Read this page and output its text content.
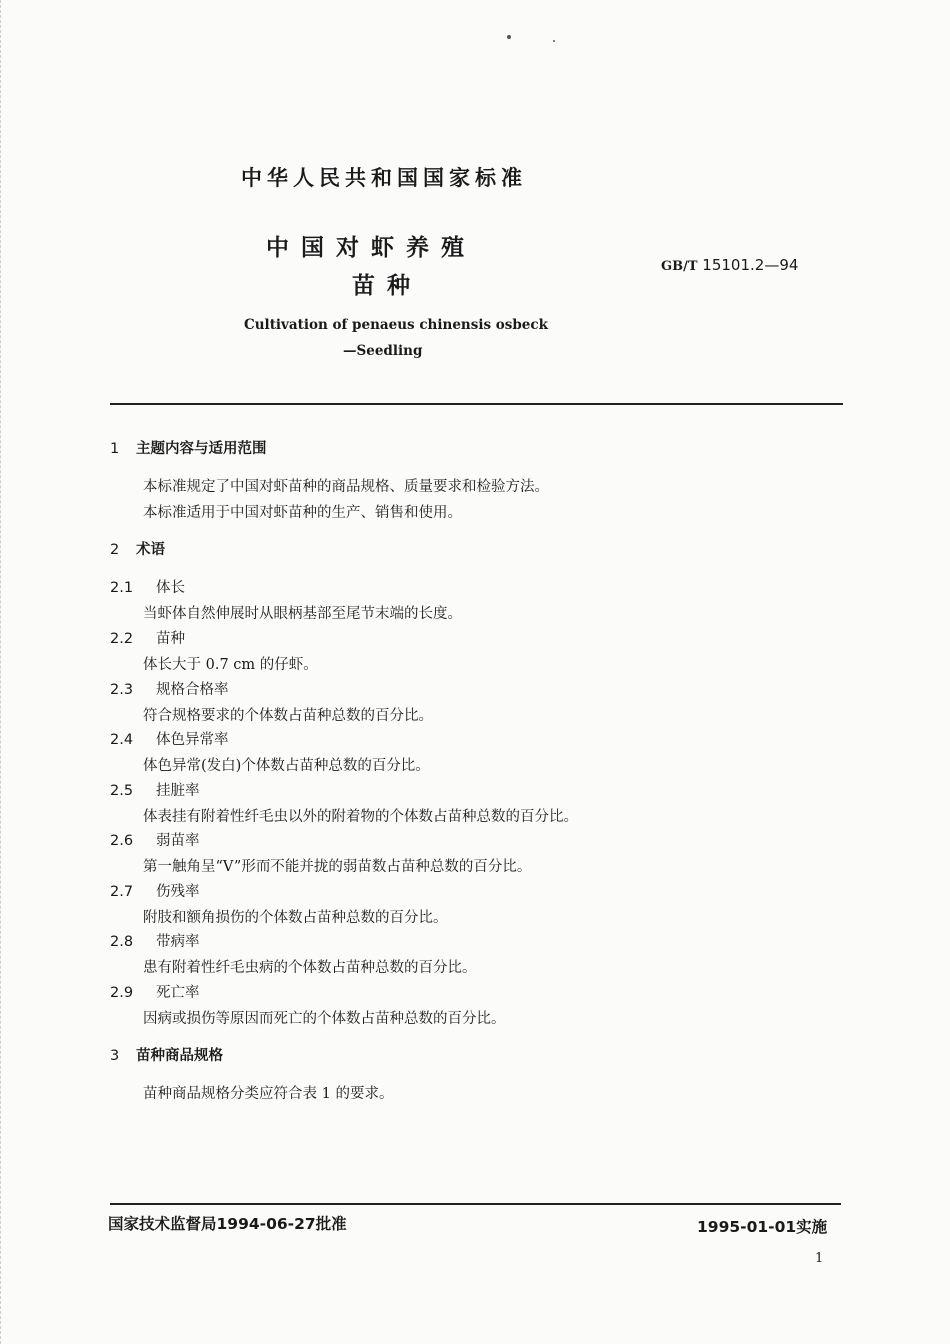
中华人民共和国国家标准
中国对虾养殖
苗种
GB/T 15101.2—94
Cultivation of penaeus chinensis osbeck
—Seedling
1 主题内容与适用范围
本标准规定了中国对虾苗种的商品规格、质量要求和检验方法。
本标准适用于中国对虾苗种的生产、销售和使用。
2 术语
2.1 体长
当虾体自然伸展时从眼柄基部至尾节末端的长度。
2.2 苗种
体长大于 0.7 cm 的仔虾。
2.3 规格合格率
符合规格要求的个体数占苗种总数的百分比。
2.4 体色异常率
体色异常(发白)个体数占苗种总数的百分比。
2.5 挂脏率
体表挂有附着性纤毛虫以外的附着物的个体数占苗种总数的百分比。
2.6 弱苗率
第一触角呈“V”形而不能并拢的弱苗数占苗种总数的百分比。
2.7 伤残率
附肢和额角损伤的个体数占苗种总数的百分比。
2.8 带病率
患有附着性纤毛虫病的个体数占苗种总数的百分比。
2.9 死亡率
因病或损伤等原因而死亡的个体数占苗种总数的百分比。
3 苗种商品规格
苗种商品规格分类应符合表 1 的要求。
国家技术监督局1994-06-27批准	1995-01-01实施
1
